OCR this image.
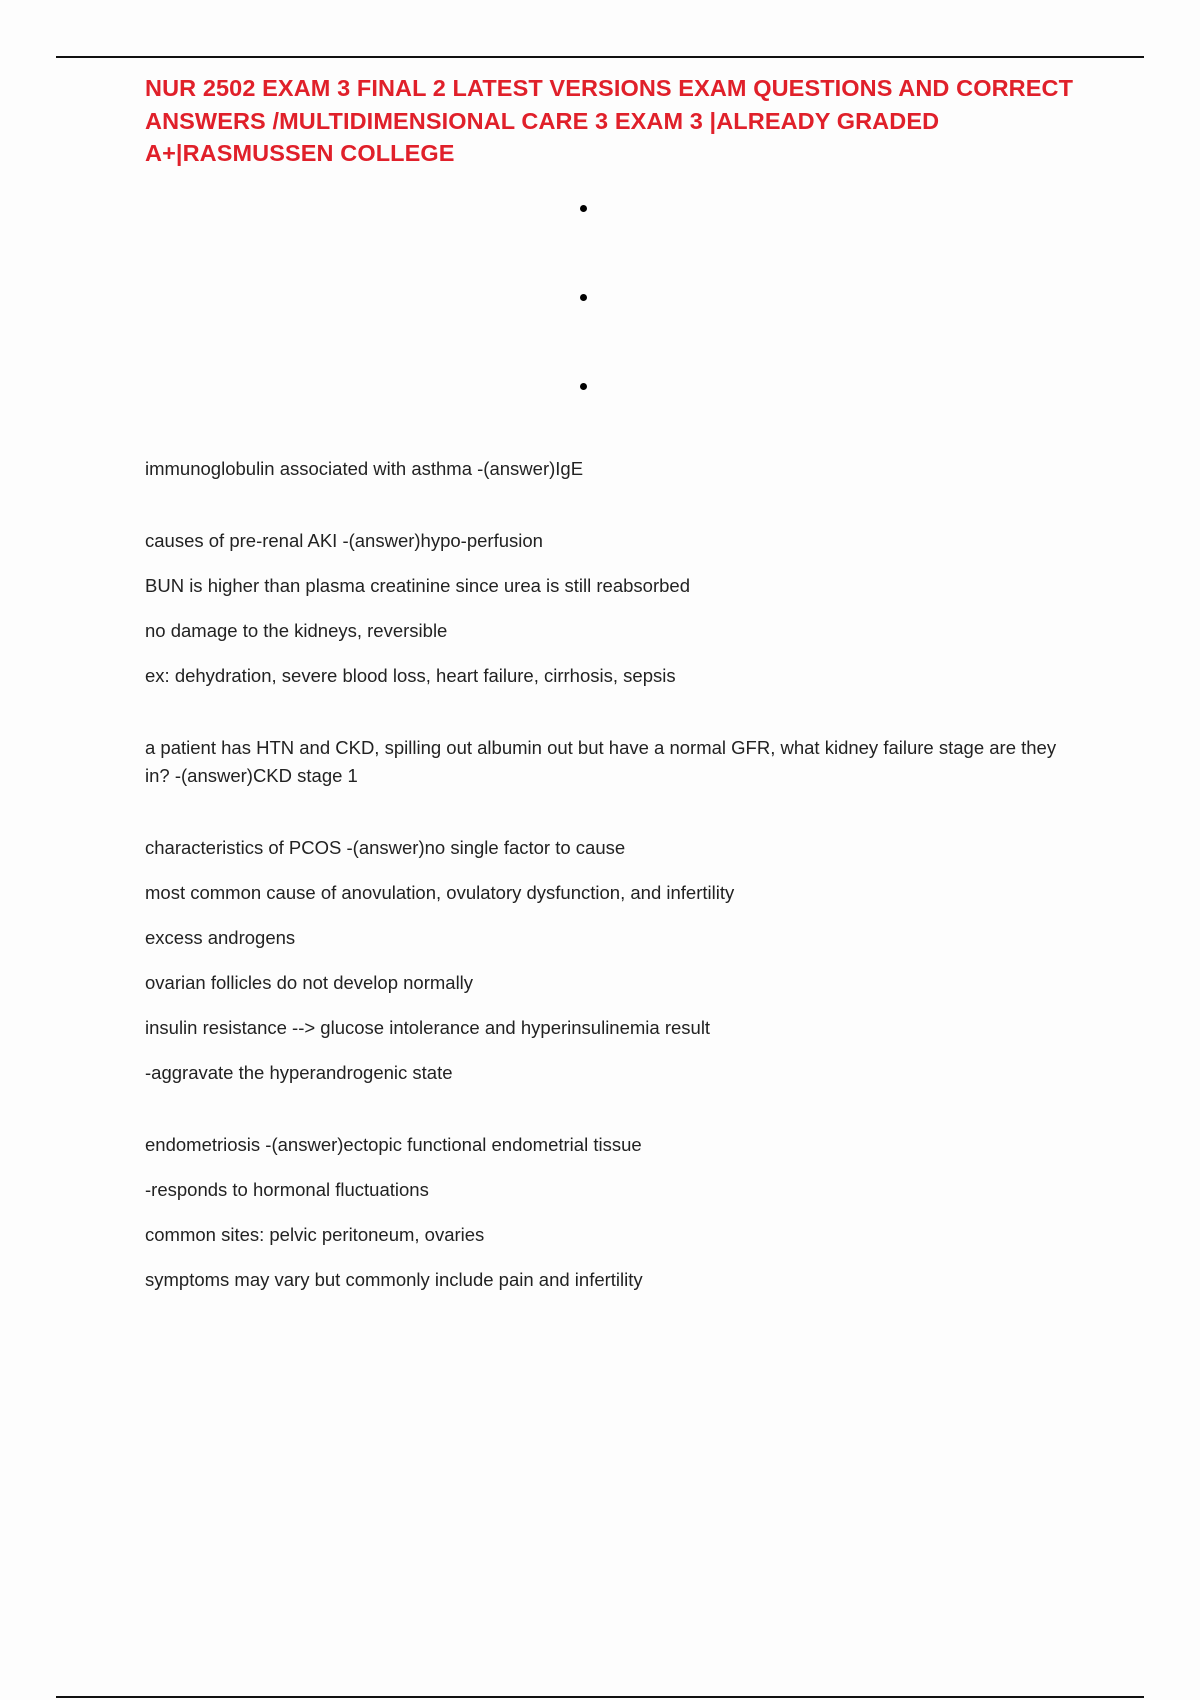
NUR 2502 EXAM 3 FINAL 2 LATEST VERSIONS EXAM QUESTIONS AND CORRECT ANSWERS /MULTIDIMENSIONAL CARE 3 EXAM 3 |ALREADY GRADED A+|RASMUSSEN COLLEGE

immunoglobulin associated with asthma -(answer)IgE

causes of pre-renal AKI -(answer)hypo-perfusion

BUN is higher than plasma creatinine since urea is still reabsorbed

no damage to the kidneys, reversible

ex: dehydration, severe blood loss, heart failure, cirrhosis, sepsis

a patient has HTN and CKD, spilling out albumin out but have a normal GFR, what kidney failure stage are they in? -(answer)CKD stage 1

characteristics of PCOS -(answer)no single factor to cause

most common cause of anovulation, ovulatory dysfunction, and infertility

excess androgens

ovarian follicles do not develop normally

insulin resistance --> glucose intolerance and hyperinsulinemia result

-aggravate the hyperandrogenic state

endometriosis -(answer)ectopic functional endometrial tissue

-responds to hormonal fluctuations

common sites: pelvic peritoneum, ovaries

symptoms may vary but commonly include pain and infertility
